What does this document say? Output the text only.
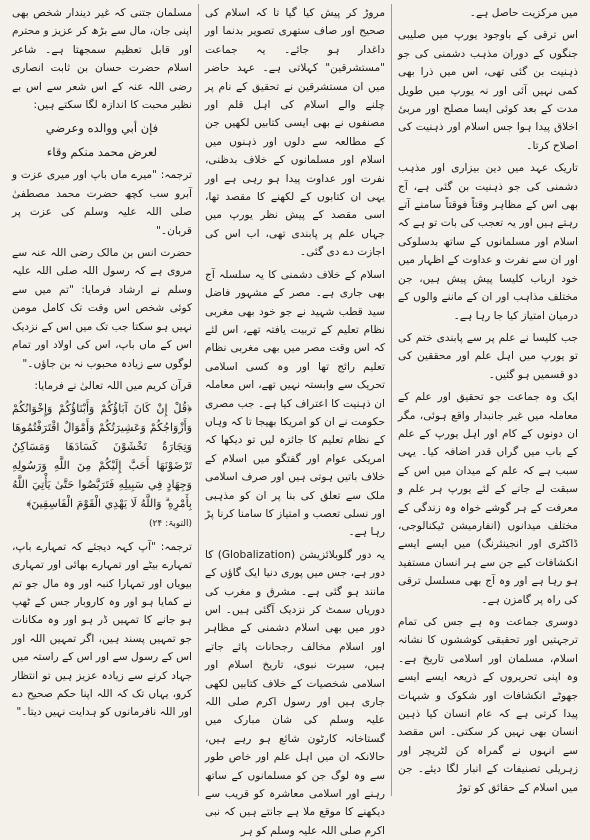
میں مرکزیت حاصل ہے۔

اس ترقی کے باوجود یورپ میں صلیبی جنگوں کے دوران مذہب دشمنی کی جو ذہنیت بن گئی تھی، اس میں ذرا بھی کمی نہیں آئی اور نہ یورپ میں طویل مدت کے بعد کوئی ایسا مصلح اور مربیٔ اخلاق پیدا ہوا جس اسلام اور ذہنیت کی اصلاح کرتا۔

تاریک عہد میں دین بیزاری اور مذہب دشمنی کی جو ذہنیت بن گئی ہے، آج بھی اس کے مظاہر وقتاً فوقتاً سامنے آتے رہتے ہیں اور یہ تعجب کی بات تو ہے کہ اسلام اور مسلمانوں کے ساتھ بدسلوکی اور ان سے نفرت و عداوت کے اظہار میں خود ارباب کلیسا پیش پیش ہیں، جن مختلف مذاہب اور ان کے ماننے والوں کے درمیان امتیاز کیا جا رہا ہے۔

جب کلیسا نے علم پر سے پابندی ختم کی تو یورپ میں اہل علم اور محققین کی دو قسمیں ہو گئیں۔

ایک وہ جماعت جو تحقیق اور علم کے معاملہ میں غیر جانبدار واقع ہوئی، مگر ان دونوں کے کام اور اہل یورپ کے علم کے باب میں گراں قدر اضافہ کیا۔ یہی سبب ہے کہ علم کے میدان میں اس کے سبقت لے جانے کے لئے یورپ ہر علم و معرفت کے ہر گوشے خواہ وہ زندگی کے مختلف میدانوں (انفارمیشن ٹیکنالوجی، ڈاکٹری اور انجینئرنگ) میں ایسے ایسے انکشافات کیے جن سے ہر انسان مستفید ہو رہا ہے اور وہ آج بھی مسلسل ترقی کی راہ پر گامزن ہے۔

دوسری جماعت وہ ہے جس کی تمام ترجہتیں اور تحقیقی کوششوں کا نشانہ اسلام، مسلمان اور اسلامی تاریخ ہے۔ وہ اپنی تحریروں کے ذریعہ ایسے ایسے جھوٹے انکشافات اور شکوک و شبہات پیدا کرتی ہے کہ عام انسان کیا ذہین انسان بھی نہیں کر سکتی۔ اس مقصد سے انہوں نے گمراہ کن لٹریچر اور زہریلی تصنیفات کے انبار لگا دیئے۔ جن میں اسلام کے حقائق کو توڑ

مروڑ کر پیش کیا گیا تا کہ اسلام کی صحیح اور صاف ستھری تصویر بدنما اور داغدار ہو جائے۔ یہ جماعت "مستشرقین" کہلاتی ہے۔ عہد حاضر میں ان مستشرقین نے تحقیق کے نام پر چلنے والے اسلام کی اہل قلم اور مصنفوں نے بھی ایسی کتابیں لکھیں جن کے مطالعہ سے دلوں اور ذہنوں میں اسلام اور مسلمانوں کے خلاف بدظنی، نفرت اور عداوت پیدا ہو رہی ہے اور یہی ان کتابوں کے لکھنے کا مقصد تھا، اسی مقصد کے پیش نظر یورپ میں جہاں علم پر پابندی تھی، اب اس کی اجازت دے دی گئی۔

اسلام کے خلاف دشمنی کا یہ سلسلہ آج بھی جاری ہے۔ مصر کے مشہور فاضل سید قطب شہید نے جو خود بھی مغربی نظام تعلیم کے تربیت یافتہ تھے، اس لئے کہ اس وقت مصر میں بھی مغربی نظام تعلیم رائج تھا اور وہ کسی اسلامی تحریک سے وابستہ نہیں تھے، اس معاملہ ان ذہنیت کا اعتراف کیا ہے۔ جب مصری حکومت نے ان کو امریکا بھیجا تا کہ وہاں کے نظام تعلیم کا جائزہ لیں تو دیکھا کہ امریکی عوام اور گفتگو میں اسلام کے خلاف باتیں ہوتی ہیں اور صرف اسلامی ملک سے تعلق کی بنا پر ان کو مذہبی اور نسلی تعصب و امتیاز کا سامنا کرنا پڑ رہا ہے۔

یہ دور گلوبلائزیشن (Globalization) کا دور ہے، جس میں پوری دنیا ایک گاؤں کے مانند ہو گئی ہے۔ مشرق و مغرب کی دوریاں سمٹ کر نزدیک آگئی ہیں۔ اس دور میں بھی اسلام دشمنی کے مظاہر اور اسلام مخالف رجحانات پائے جاتے ہیں، سیرت نبوی، تاریخ اسلام اور اسلامی شخصیات کے خلاف کتابیں لکھی جاری ہیں اور رسول اکرم صلی اللہ علیہ وسلم کی شان مبارک میں گستاخانہ کارٹون شائع ہو رہے ہیں، حالانکہ ان میں اہل علم اور خاص طور سے وہ لوگ جن کو مسلمانوں کے ساتھ رہنے اور اسلامی معاشرہ کو قریب سے دیکھنے کا موقع ملا ہے جانتے ہیں کہ نبی اکرم صلی اللہ علیہ وسلم کو ہر

مسلمان جتنی کہ غیر دیندار شخص بھی اپنی جان، مال سے بڑھ کر عزیز و محترم اور قابل تعظیم سمجھتا ہے۔ شاعر اسلام حضرت حسان بن ثابت انصاری رضی اللہ عنہ کے اس شعر سے اس بے نظیر محبت کا اندازہ لگا سکتے ہیں:

فإن أبي ووالده وعرضي

لعرض محمد منكم وقاء

ترجمہ: "میرے ماں باپ اور میری عزت و آبرو سب کچھ حضرت محمد مصطفیٰ صلی اللہ علیہ وسلم کی عزت پر قربان۔"

حضرت انس بن مالک رضی اللہ عنہ سے مروی ہے کہ رسول اللہ صلی اللہ علیہ وسلم نے ارشاد فرمایا: "تم میں سے کوئی شخص اس وقت تک کامل مومن نہیں ہو سکتا جب تک میں اس کے نزدیک اس کے ماں باپ، اس کی اولاد اور تمام لوگوں سے زیادہ محبوب نہ بن جاؤں۔"

قرآن کریم میں اللہ تعالیٰ نے فرمایا:

﴿قُلْ إِنْ كَانَ آبَاؤُكُمْ وَأَبْنَاؤُكُمْ وَإِخْوَانُكُمْ وَأَزْوَاجُكُمْ وَعَشِيرَتُكُمْ وَأَمْوَالٌ اقْتَرَفْتُمُوهَا وَتِجَارَةٌ تَخْشَوْنَ كَسَادَهَا وَمَسَاكِنُ تَرْضَوْنَهَا أَحَبَّ إِلَيْكُمْ مِنَ اللَّهِ وَرَسُولِهِ وَجِهَادٍ فِي سَبِيلِهِ فَتَرَبَّصُوا حَتَّىٰ يَأْتِيَ اللَّهُ بِأَمْرِهِ ۗ وَاللَّهُ لَا يَهْدِي الْقَوْمَ الْفَاسِقِينَ﴾

(التوبۃ: ۲۴)

ترجمہ: "آپ کہہ دیجئے کہ تمہارے باپ، تمہارے بیٹے اور تمہارے بھائی اور تمہاری بیویاں اور تمہارا کنبہ اور وہ مال جو تم نے کمایا ہو اور وہ کاروبار جس کے ٹھپ ہو جانے کا تمہیں ڈر ہو اور وہ مکانات جو تمہیں پسند ہیں، اگر تمہیں اللہ اور اس کے رسول سے اور اس کے راستہ میں جہاد کرنے سے زیادہ عزیز ہیں تو انتظار کرو، یہاں تک کہ اللہ اپنا حکم صحیح دے اور اللہ نافرمانوں کو ہدایت نہیں دیتا۔"
